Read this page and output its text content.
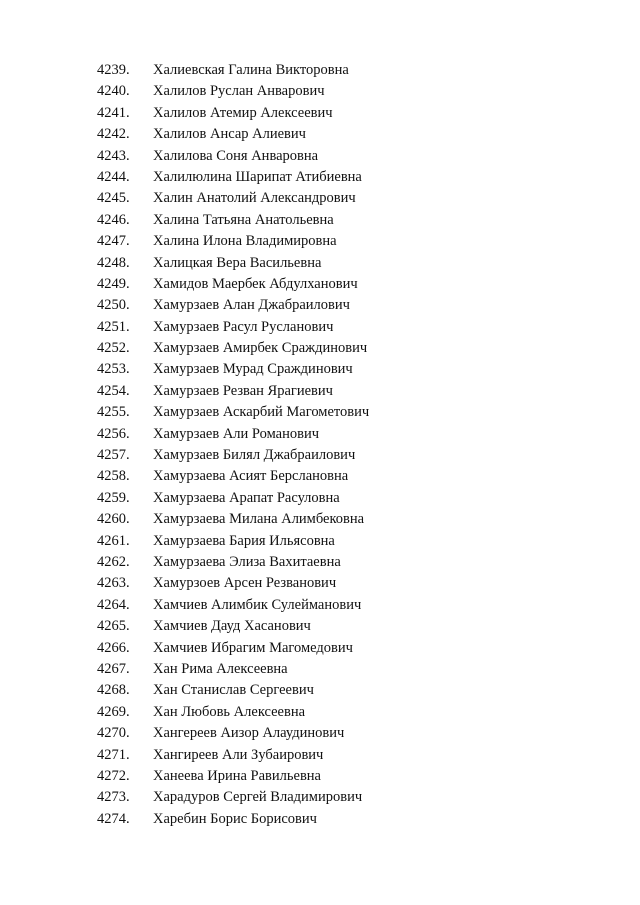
4239.	Халиевская Галина Викторовна
4240.	Халилов Руслан Анварович
4241.	Халилов Атемир Алексеевич
4242.	Халилов Ансар Алиевич
4243.	Халилова Соня Анваровна
4244.	Халилюлина Шарипат Атибиевна
4245.	Халин Анатолий Александрович
4246.	Халина Татьяна Анатольевна
4247.	Халина Илона Владимировна
4248.	Халицкая Вера Васильевна
4249.	Хамидов Маербек Абдулханович
4250.	Хамурзаев Алан Джабраилович
4251.	Хамурзаев Расул Русланович
4252.	Хамурзаев Амирбек Сраждинович
4253.	Хамурзаев Мурад Сраждинович
4254.	Хамурзаев Резван Ярагиевич
4255.	Хамурзаев Аскарбий Магометович
4256.	Хамурзаев Али Романович
4257.	Хамурзаев Билял Джабраилович
4258.	Хамурзаева Асият Берслановна
4259.	Хамурзаева Арапат Расуловна
4260.	Хамурзаева Милана Алимбековна
4261.	Хамурзаева Бария Ильясовна
4262.	Хамурзаева Элиза Вахитаевна
4263.	Хамурзоев Арсен Резванович
4264.	Хамчиев Алимбик Сулейманович
4265.	Хамчиев Дауд Хасанович
4266.	Хамчиев Ибрагим Магомедович
4267.	Хан Рима Алексеевна
4268.	Хан Станислав Сергеевич
4269.	Хан Любовь Алексеевна
4270.	Хангереев Аизор Алаудинович
4271.	Хангиреев Али Зубаирович
4272.	Ханеева Ирина Равильевна
4273.	Харадуров Сергей Владимирович
4274.	Харебин Борис Борисович
